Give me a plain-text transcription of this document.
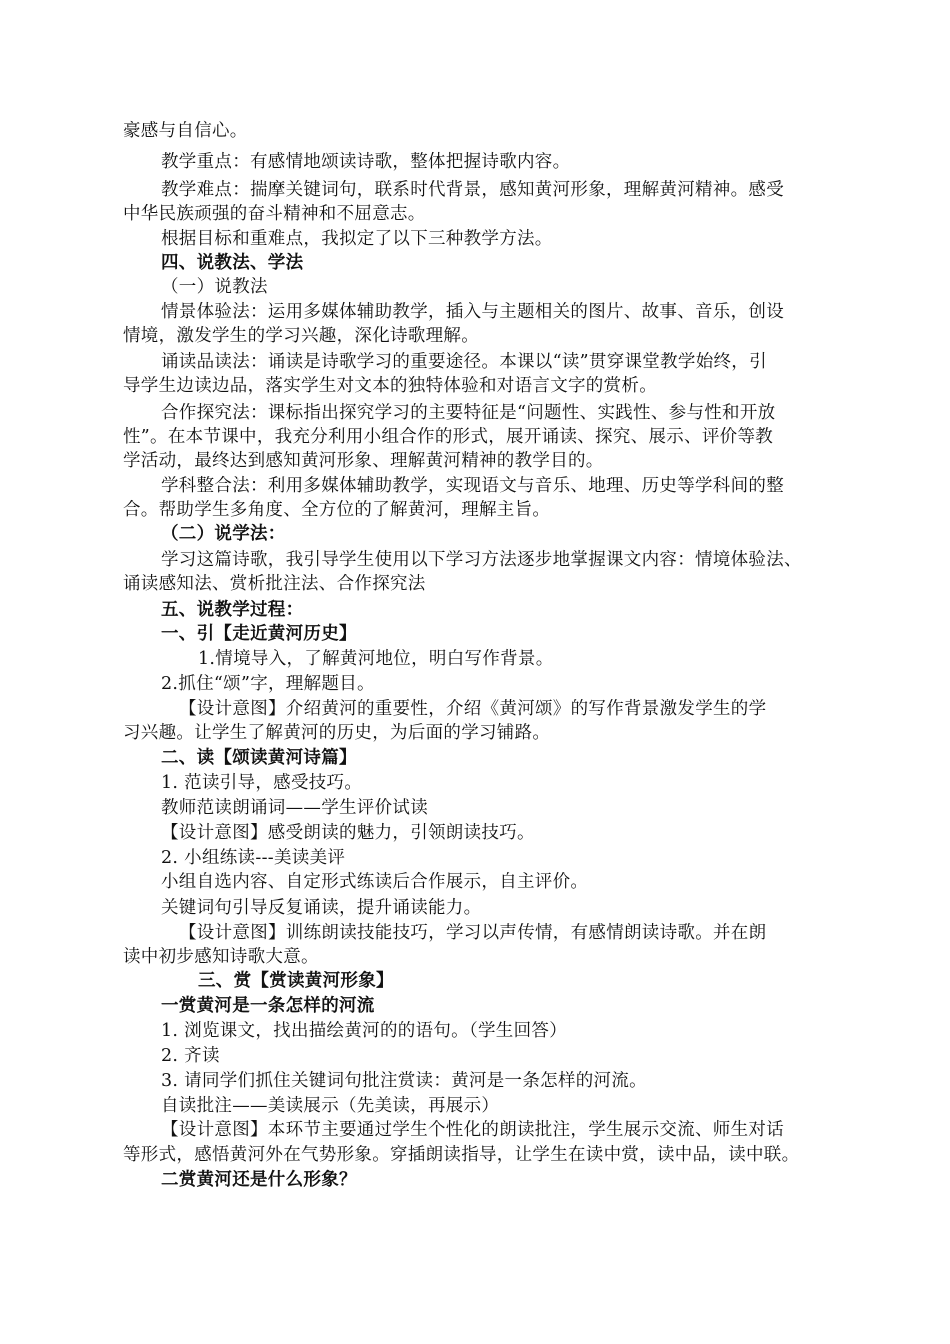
豪感与自信心。
教学重点：有感情地颂读诗歌，整体把握诗歌内容。
教学难点：揣摩关键词句，联系时代背景，感知黄河形象，理解黄河精神。感受
中华民族顽强的奋斗精神和不屈意志。
根据目标和重难点，我拟定了以下三种教学方法。
四、说教法、学法
（一）说教法
情景体验法：运用多媒体辅助教学，插入与主题相关的图片、故事、音乐，创设
情境，激发学生的学习兴趣，深化诗歌理解。
诵读品读法：诵读是诗歌学习的重要途径。本课以“读”贯穿课堂教学始终，引
导学生边读边品，落实学生对文本的独特体验和对语言文字的赏析。
合作探究法：课标指出探究学习的主要特征是“问题性、实践性、参与性和开放
性”。在本节课中，我充分利用小组合作的形式，展开诵读、探究、展示、评价等教
学活动，最终达到感知黄河形象、理解黄河精神的教学目的。
学科整合法：利用多媒体辅助教学，实现语文与音乐、地理、历史等学科间的整
合。帮助学生多角度、全方位的了解黄河，理解主旨。
（二）说学法：
学习这篇诗歌，我引导学生使用以下学习方法逐步地掌握课文内容：情境体验法、
诵读感知法、赏析批注法、合作探究法
五、说教学过程：
一、引【走近黄河历史】
1.情境导入，了解黄河地位，明白写作背景。
2.抓住“颂”字，理解题目。
【设计意图】介绍黄河的重要性，介绍《黄河颂》的写作背景激发学生的学
习兴趣。让学生了解黄河的历史，为后面的学习铺路。
二、读【颂读黄河诗篇】
1. 范读引导，感受技巧。
教师范读朗诵词——学生评价试读
【设计意图】感受朗读的魅力，引领朗读技巧。
2. 小组练读---美读美评
小组自选内容、自定形式练读后合作展示，自主评价。
关键词句引导反复诵读，提升诵读能力。
【设计意图】训练朗读技能技巧，学习以声传情，有感情朗读诗歌。并在朗
读中初步感知诗歌大意。
三、赏【赏读黄河形象】
一赏黄河是一条怎样的河流
1. 浏览课文，找出描绘黄河的的语句。（学生回答）
2. 齐读
3. 请同学们抓住关键词句批注赏读：黄河是一条怎样的河流。
自读批注——美读展示（先美读，再展示）
【设计意图】本环节主要通过学生个性化的朗读批注，学生展示交流、师生对话
等形式，感悟黄河外在气势形象。穿插朗读指导，让学生在读中赏，读中品，读中联。
二赏黄河还是什么形象？
